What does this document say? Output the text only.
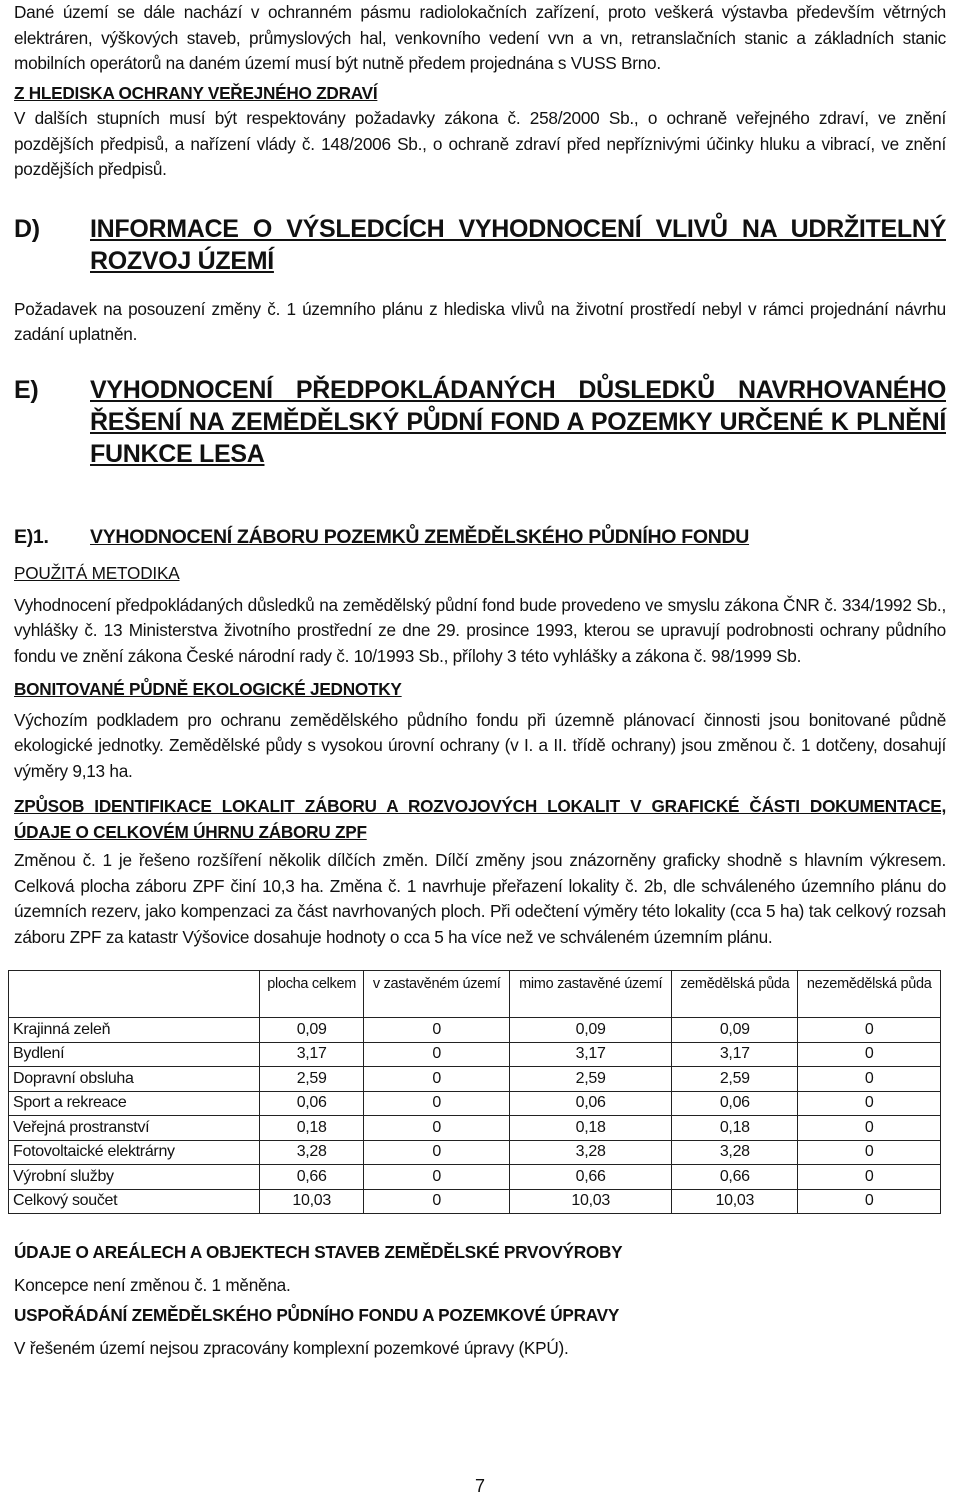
Dané území se dále nachází v ochranném pásmu radiolokačních zařízení, proto veškerá výstavba především větrných elektráren, výškových staveb, průmyslových hal, venkovního vedení vvn a vn, retranslačních stanic a základních stanic mobilních operátorů na daném území musí být nutně předem projednána s VUSS Brno.

Z HLEDISKA OCHRANY VEŘEJNÉHO ZDRAVÍ

V dalších stupních musí být respektovány požadavky zákona č. 258/2000 Sb., o ochraně veřejného zdraví, ve znění pozdějších předpisů, a nařízení vlády č. 148/2006 Sb., o ochraně zdraví před nepříznivými účinky hluku a vibrací, ve znění pozdějších předpisů.

D)	INFORMACE O VÝSLEDCÍCH VYHODNOCENÍ VLIVŮ NA UDRŽITELNÝ ROZVOJ ÚZEMÍ

Požadavek na posouzení změny č. 1 územního plánu z hlediska vlivů na životní prostředí nebyl v rámci projednání návrhu zadání uplatněn.

E)	VYHODNOCENÍ PŘEDPOKLÁDANÝCH DŮSLEDKŮ NAVRHOVANÉHO ŘEŠENÍ NA ZEMĚDĚLSKÝ PŮDNÍ FOND A POZEMKY URČENÉ K PLNĚNÍ FUNKCE LESA
E)1.	VYHODNOCENÍ ZÁBORU POZEMKŮ ZEMĚDĚLSKÉHO PŮDNÍHO FONDU

POUŽITÁ METODIKA

Vyhodnocení předpokládaných důsledků na zemědělský půdní fond bude provedeno ve smyslu zákona ČNR č. 334/1992 Sb., vyhlášky č. 13 Ministerstva životního prostřední ze dne 29. prosince 1993, kterou se upravují podrobnosti ochrany půdního fondu ve znění zákona České národní rady č. 10/1993 Sb., přílohy 3 této vyhlášky a zákona č. 98/1999 Sb.

BONITOVANÉ PŮDNĚ EKOLOGICKÉ JEDNOTKY

Výchozím podkladem pro ochranu zemědělského půdního fondu při územně plánovací činnosti jsou bonitované půdně ekologické jednotky. Zemědělské půdy s vysokou úrovní ochrany (v I. a II. třídě ochrany) jsou změnou č. 1 dotčeny, dosahují výměry 9,13 ha.

ZPŮSOB IDENTIFIKACE LOKALIT ZÁBORU A ROZVOJOVÝCH LOKALIT V GRAFICKÉ ČÁSTI DOKUMENTACE, ÚDAJE O CELKOVÉM ÚHRNU ZÁBORU ZPF

Změnou č. 1 je řešeno rozšíření několik dílčích změn. Dílčí změny jsou znázorněny graficky shodně s hlavním výkresem. Celková plocha záboru ZPF činí 10,3 ha. Změna č. 1 navrhuje přeřazení lokality č. 2b, dle schváleného územního plánu do územních rezerv, jako kompenzaci za část navrhovaných ploch. Při odečtení výměry této lokality (cca 5 ha) tak celkový rozsah záboru ZPF za katastr Výšovice dosahuje hodnoty o cca 5 ha více než ve schváleném územním plánu.

	plocha celkem	v zastavěném území	mimo zastavěné území	zemědělská půda	nezemědělská půda
Krajinná zeleň	0,09	0	0,09	0,09	0
Bydlení	3,17	0	3,17	3,17	0
Dopravní obsluha	2,59	0	2,59	2,59	0
Sport a rekreace	0,06	0	0,06	0,06	0
Veřejná prostranství	0,18	0	0,18	0,18	0
Fotovoltaické elektrárny	3,28	0	3,28	3,28	0
Výrobní služby	0,66	0	0,66	0,66	0
Celkový součet	10,03	0	10,03	10,03	0

ÚDAJE O AREÁLECH A OBJEKTECH STAVEB ZEMĚDĚLSKÉ PRVOVÝROBY

Koncepce není změnou č. 1 měněna.

USPOŘÁDÁNÍ ZEMĚDĚLSKÉHO PŮDNÍHO FONDU A POZEMKOVÉ ÚPRAVY

V řešeném území nejsou zpracovány komplexní pozemkové úpravy (KPÚ).

7
